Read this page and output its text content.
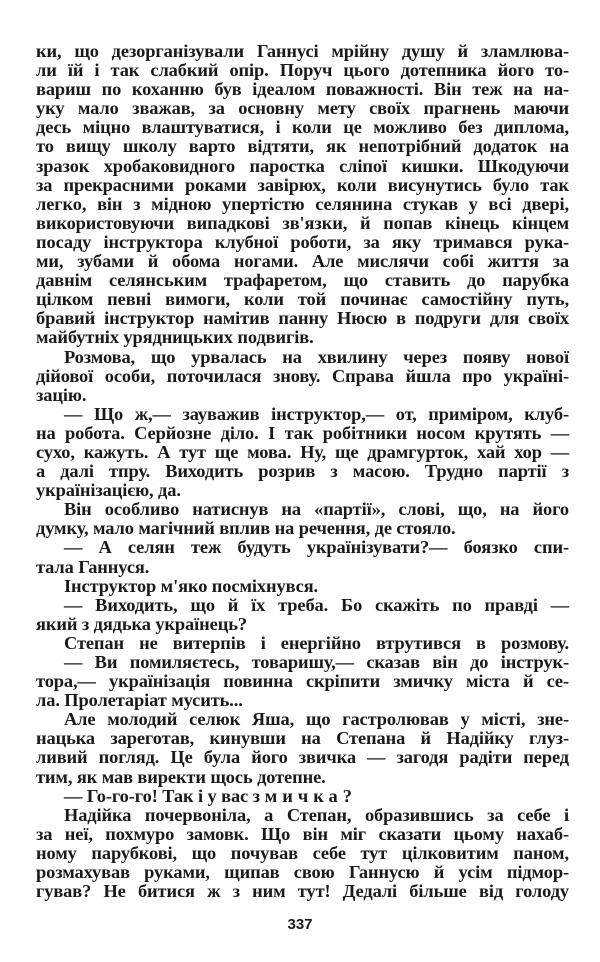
ки, що дезорганізували Ганнусі мрійну душу й зламлюва-
ли їй і так слабкий опір. Поруч цього дотепника його то-
вариш по коханню був ідеалом поважності. Він теж на на-
уку мало зважав, за основну мету своїх прагнень маючи
десь міцно влаштуватися, і коли це можливо без диплома,
то вищу школу варто відтяти, як непотрібний додаток на
зразок хробаковидного паростка сліпої кишки. Шкодуючи
за прекрасними роками завірюх, коли висунутись було так
легко, він з мідною упертістю селянина стукав у всі двері,
використовуючи випадкові зв'язки, й попав кінець кінцем
посаду інструктора клубної роботи, за яку тримався рука-
ми, зубами й обома ногами. Але мислячи собі життя за
давнім селянським трафаретом, що ставить до парубка
цілком певні вимоги, коли той починає самостійну путь,
бравий інструктор намітив панну Нюсю в подруги для своїх
майбутніх урядницьких подвигів.
Розмова, що урвалась на хвилину через появу нової
дійової особи, поточилася знову. Справа йшла про україні-
зацію.
— Що ж,— зауважив інструктор,— от, приміром, клуб-
на робота. Серйозне діло. І так робітники носом крутять —
сухо, кажуть. А тут ще мова. Ну, ще драмгурток, хай хор —
а далі тпру. Виходить розрив з масою. Трудно партії з
українізацією, да.
Він особливо натиснув на «партії», слові, що, на його
думку, мало магічний вплив на речення, де стояло.
— А селян теж будуть українізувати?— боязко спи-
тала Ганнуся.
Інструктор м'яко посміхнувся.
— Виходить, що й їх треба. Бо скажіть по правді —
який з дядька українець?
Степан не витерпів і енергійно втрутився в розмову.
— Ви помиляєтесь, товаришу,— сказав він до інструк-
тора,— українізація повинна скріпити змичку міста й се-
ла. Пролетаріат мусить...
Але молодий селюк Яша, що гастролював у місті, зне-
нацька зареготав, кинувши на Степана й Надійку глуз-
ливий погляд. Це була його звичка — загодя радіти перед
тим, як мав виректи щось дотепне.
— Го-го-го! Так і у вас змичка?
Надійка почервоніла, а Степан, образившись за себе і
за неї, похмуро замовк. Що він міг сказати цьому нахаб-
ному парубкові, що почував себе тут цілковитим паном,
розмахував руками, щипав свою Ганнусю й усім підмор-
гував? Не битися ж з ним тут! Дедалі більше від голоду
337
